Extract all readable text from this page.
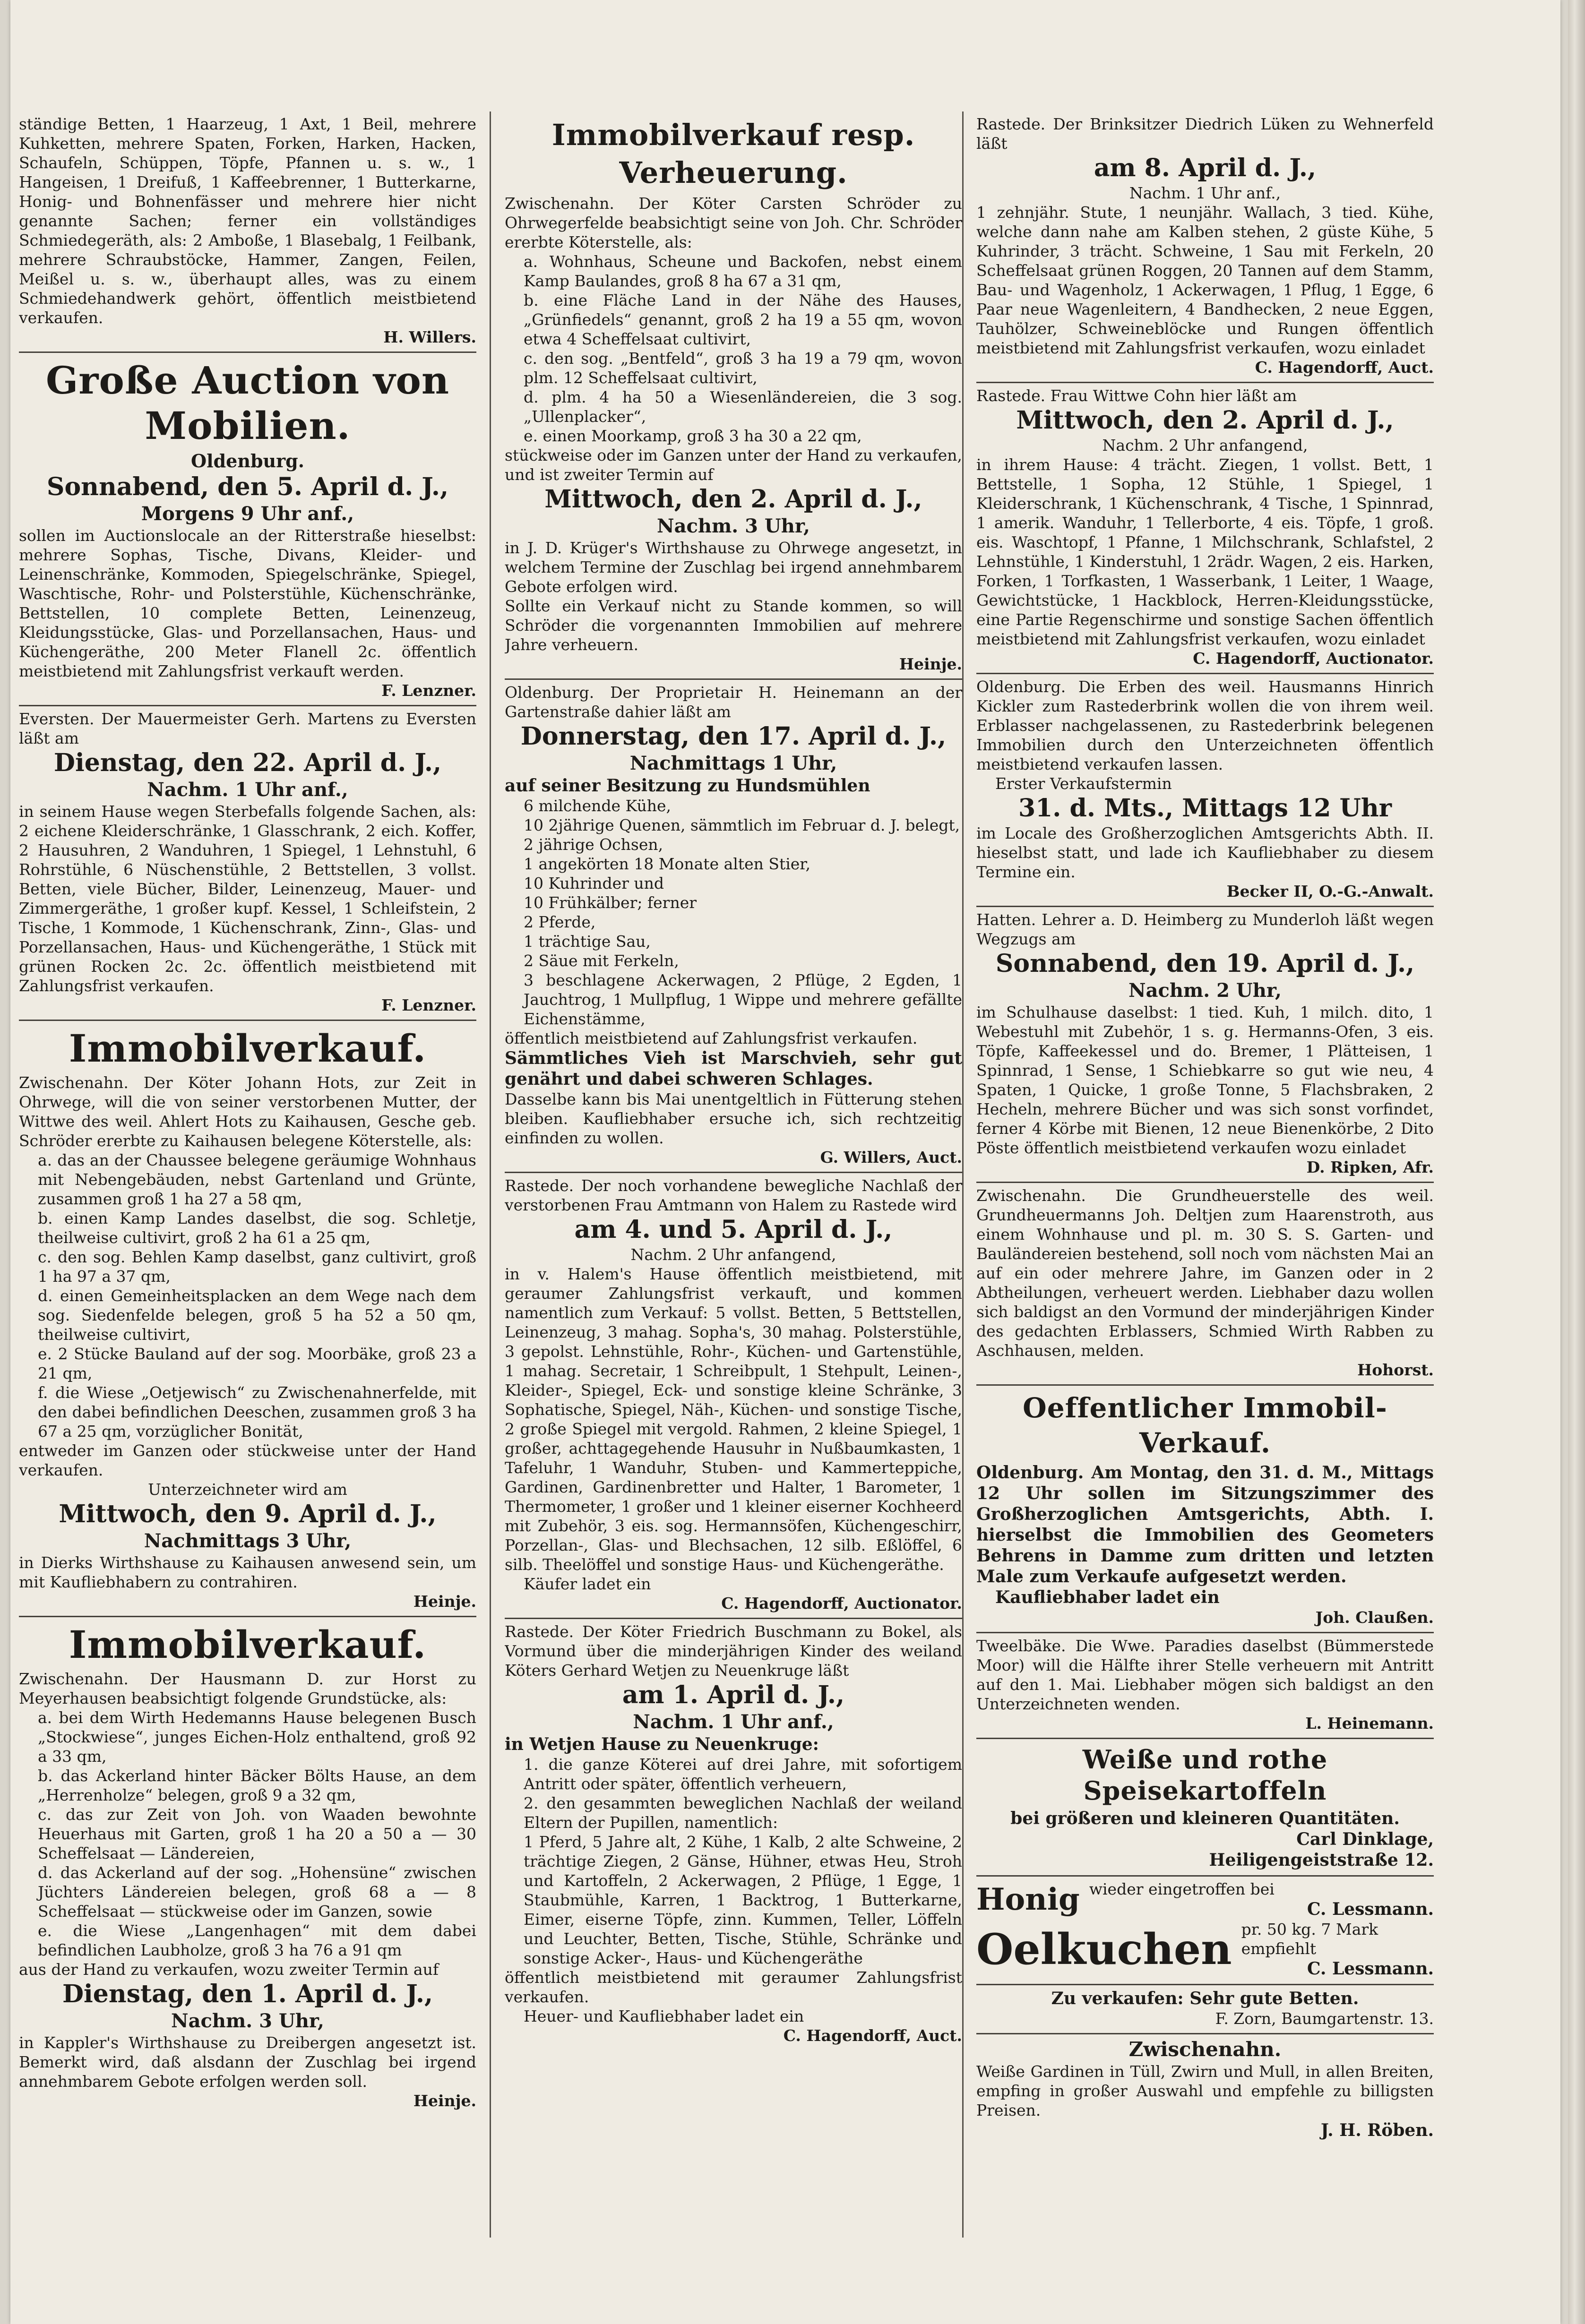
ständige Betten, 1 Haarzeug, 1 Axt, 1 Beil, mehrere Kuhketten, mehrere Spaten, Forken, Harken, Hacken, Schaufeln, Schüppen, Töpfe, Pfannen u. s. w., 1 Hangeisen, 1 Dreifuß, 1 Kaffeebrenner, 1 Butterkarne, Honig- und Bohnenfässer und mehrere hier nicht genannte Sachen; ferner ein vollständiges Schmiedegeräth, als: 2 Amboße, 1 Blasebalg, 1 Feilbank, mehrere Schraubstöcke, Hammer, Zangen, Feilen, Meißel u. s. w., überhaupt alles, was zu einem Schmiedehandwerk gehört, öffentlich meistbietend verkaufen.

H. Willers.

Große Auction von Mobilien.

Oldenburg.

Sonnabend, den 5. April d. J.,

Morgens 9 Uhr anf.,

sollen im Auctionslocale an der Ritterstraße hieselbst: mehrere Sophas, Tische, Divans, Kleider- und Leinenschränke, Kommoden, Spiegelschränke, Spiegel, Waschtische, Rohr- und Polsterstühle, Küchenschränke, Bettstellen, 10 complete Betten, Leinenzeug, Kleidungsstücke, Glas- und Porzellansachen, Haus- und Küchengeräthe, 200 Meter Flanell 2c. öffentlich meistbietend mit Zahlungsfrist verkauft werden.

F. Lenzner.

Eversten. Der Mauermeister Gerh. Martens zu Eversten läßt am

Dienstag, den 22. April d. J.,

Nachm. 1 Uhr anf.,

in seinem Hause wegen Sterbefalls folgende Sachen, als: 2 eichene Kleiderschränke, 1 Glasschrank, 2 eich. Koffer, 2 Hausuhren, 2 Wanduhren, 1 Spiegel, 1 Lehnstuhl, 6 Rohrstühle, 6 Nüschenstühle, 2 Bettstellen, 3 vollst. Betten, viele Bücher, Bilder, Leinenzeug, Mauer- und Zimmergeräthe, 1 großer kupf. Kessel, 1 Schleifstein, 2 Tische, 1 Kommode, 1 Küchenschrank, Zinn-, Glas- und Porzellansachen, Haus- und Küchengeräthe, 1 Stück mit grünen Rocken 2c. 2c. öffentlich meistbietend mit Zahlungsfrist verkaufen.

F. Lenzner.

Immobilverkauf.

Zwischenahn. Der Köter Johann Hots, zur Zeit in Ohrwege, will die von seiner verstorbenen Mutter, der Wittwe des weil. Ahlert Hots zu Kaihausen, Gesche geb. Schröder ererbte zu Kaihausen belegene Köterstelle, als:

a. das an der Chaussee belegene geräumige Wohnhaus mit Nebengebäuden, nebst Gartenland und Grünte, zusammen groß 1 ha 27 a 58 qm,

b. einen Kamp Landes daselbst, die sog. Schletje, theilweise cultivirt, groß 2 ha 61 a 25 qm,

c. den sog. Behlen Kamp daselbst, ganz cultivirt, groß 1 ha 97 a 37 qm,

d. einen Gemeinheitsplacken an dem Wege nach dem sog. Siedenfelde belegen, groß 5 ha 52 a 50 qm, theilweise cultivirt,

e. 2 Stücke Bauland auf der sog. Moorbäke, groß 23 a 21 qm,

f. die Wiese „Oetjewisch“ zu Zwischenahnerfelde, mit den dabei befindlichen Deeschen, zusammen groß 3 ha 67 a 25 qm, vorzüglicher Bonität,

entweder im Ganzen oder stückweise unter der Hand verkaufen.

Unterzeichneter wird am

Mittwoch, den 9. April d. J.,

Nachmittags 3 Uhr,

in Dierks Wirthshause zu Kaihausen anwesend sein, um mit Kaufliebhabern zu contrahiren.

Heinje.

Immobilverkauf.

Zwischenahn. Der Hausmann D. zur Horst zu Meyerhausen beabsichtigt folgende Grundstücke, als:

a. bei dem Wirth Hedemanns Hause belegenen Busch „Stockwiese“, junges Eichen-Holz enthaltend, groß 92 a 33 qm,

b. das Ackerland hinter Bäcker Bölts Hause, an dem „Herrenholze“ belegen, groß 9 a 32 qm,

c. das zur Zeit von Joh. von Waaden bewohnte Heuerhaus mit Garten, groß 1 ha 20 a 50 a — 30 Scheffelsaat — Ländereien,

d. das Ackerland auf der sog. „Hohensüne“ zwischen Jüchters Ländereien belegen, groß 68 a — 8 Scheffelsaat — stückweise oder im Ganzen, sowie

e. die Wiese „Langenhagen“ mit dem dabei befindlichen Laubholze, groß 3 ha 76 a 91 qm

aus der Hand zu verkaufen, wozu zweiter Termin auf

Dienstag, den 1. April d. J.,

Nachm. 3 Uhr,

in Kappler's Wirthshause zu Dreibergen angesetzt ist. Bemerkt wird, daß alsdann der Zuschlag bei irgend annehmbarem Gebote erfolgen werden soll.

Heinje.

Immobilverkauf resp. Verheuerung.

Zwischenahn. Der Köter Carsten Schröder zu Ohrwegerfelde beabsichtigt seine von Joh. Chr. Schröder ererbte Köterstelle, als:

a. Wohnhaus, Scheune und Backofen, nebst einem Kamp Baulandes, groß 8 ha 67 a 31 qm,

b. eine Fläche Land in der Nähe des Hauses, „Grünfiedels“ genannt, groß 2 ha 19 a 55 qm, wovon etwa 4 Scheffelsaat cultivirt,

c. den sog. „Bentfeld“, groß 3 ha 19 a 79 qm, wovon plm. 12 Scheffelsaat cultivirt,

d. plm. 4 ha 50 a Wiesenländereien, die 3 sog. „Ullenplacker“,

e. einen Moorkamp, groß 3 ha 30 a 22 qm,

stückweise oder im Ganzen unter der Hand zu verkaufen, und ist zweiter Termin auf

Mittwoch, den 2. April d. J.,

Nachm. 3 Uhr,

in J. D. Krüger's Wirthshause zu Ohrwege angesetzt, in welchem Termine der Zuschlag bei irgend annehmbarem Gebote erfolgen wird.

Sollte ein Verkauf nicht zu Stande kommen, so will Schröder die vorgenannten Immobilien auf mehrere Jahre verheuern.

Heinje.

Oldenburg. Der Proprietair H. Heinemann an der Gartenstraße dahier läßt am

Donnerstag, den 17. April d. J.,

Nachmittags 1 Uhr,

auf seiner Besitzung zu Hundsmühlen

6 milchende Kühe,

10 2jährige Quenen, sämmtlich im Februar d. J. belegt,

2 jährige Ochsen,

1 angekörten 18 Monate alten Stier,

10 Kuhrinder und

10 Frühkälber; ferner

2 Pferde,

1 trächtige Sau,

2 Säue mit Ferkeln,

3 beschlagene Ackerwagen, 2 Pflüge, 2 Egden, 1 Jauchtrog, 1 Mullpflug, 1 Wippe und mehrere gefällte Eichenstämme,

öffentlich meistbietend auf Zahlungsfrist verkaufen.

Sämmtliches Vieh ist Marschvieh, sehr gut genährt und dabei schweren Schlages.

Dasselbe kann bis Mai unentgeltlich in Fütterung stehen bleiben. Kaufliebhaber ersuche ich, sich rechtzeitig einfinden zu wollen.

G. Willers, Auct.

Rastede. Der noch vorhandene bewegliche Nachlaß der verstorbenen Frau Amtmann von Halem zu Rastede wird

am 4. und 5. April d. J.,

Nachm. 2 Uhr anfangend,

in v. Halem's Hause öffentlich meistbietend, mit geraumer Zahlungsfrist verkauft, und kommen namentlich zum Verkauf: 5 vollst. Betten, 5 Bettstellen, Leinenzeug, 3 mahag. Sopha's, 30 mahag. Polsterstühle, 3 gepolst. Lehnstühle, Rohr-, Küchen- und Gartenstühle, 1 mahag. Secretair, 1 Schreibpult, 1 Stehpult, Leinen-, Kleider-, Spiegel, Eck- und sonstige kleine Schränke, 3 Sophatische, Spiegel, Näh-, Küchen- und sonstige Tische, 2 große Spiegel mit vergold. Rahmen, 2 kleine Spiegel, 1 großer, achttagegehende Hausuhr in Nußbaumkasten, 1 Tafeluhr, 1 Wanduhr, Stuben- und Kammerteppiche, Gardinen, Gardinenbretter und Halter, 1 Barometer, 1 Thermometer, 1 großer und 1 kleiner eiserner Kochheerd mit Zubehör, 3 eis. sog. Hermannsöfen, Küchengeschirr, Porzellan-, Glas- und Blechsachen, 12 silb. Eßlöffel, 6 silb. Theelöffel und sonstige Haus- und Küchengeräthe.

Käufer ladet ein

C. Hagendorff, Auctionator.

Rastede. Der Köter Friedrich Buschmann zu Bokel, als Vormund über die minderjährigen Kinder des weiland Köters Gerhard Wetjen zu Neuenkruge läßt

am 1. April d. J.,

Nachm. 1 Uhr anf.,

in Wetjen Hause zu Neuenkruge:

1. die ganze Köterei auf drei Jahre, mit sofortigem Antritt oder später, öffentlich verheuern,

2. den gesammten beweglichen Nachlaß der weiland Eltern der Pupillen, namentlich:

1 Pferd, 5 Jahre alt, 2 Kühe, 1 Kalb, 2 alte Schweine, 2 trächtige Ziegen, 2 Gänse, Hühner, etwas Heu, Stroh und Kartoffeln, 2 Ackerwagen, 2 Pflüge, 1 Egge, 1 Staubmühle, Karren, 1 Backtrog, 1 Butterkarne, Eimer, eiserne Töpfe, zinn. Kummen, Teller, Löffeln und Leuchter, Betten, Tische, Stühle, Schränke und sonstige Acker-, Haus- und Küchengeräthe

öffentlich meistbietend mit geraumer Zahlungsfrist verkaufen.

Heuer- und Kaufliebhaber ladet ein

C. Hagendorff, Auct.

Rastede. Der Brinksitzer Diedrich Lüken zu Wehnerfeld läßt

am 8. April d. J.,

Nachm. 1 Uhr anf.,

1 zehnjähr. Stute, 1 neunjähr. Wallach, 3 tied. Kühe, welche dann nahe am Kalben stehen, 2 güste Kühe, 5 Kuhrinder, 3 trächt. Schweine, 1 Sau mit Ferkeln, 20 Scheffelsaat grünen Roggen, 20 Tannen auf dem Stamm, Bau- und Wagenholz, 1 Ackerwagen, 1 Pflug, 1 Egge, 6 Paar neue Wagenleitern, 4 Bandhecken, 2 neue Eggen, Tauhölzer, Schweineblöcke und Rungen öffentlich meistbietend mit Zahlungsfrist verkaufen, wozu einladet

C. Hagendorff, Auct.

Rastede. Frau Wittwe Cohn hier läßt am

Mittwoch, den 2. April d. J.,

Nachm. 2 Uhr anfangend,

in ihrem Hause: 4 trächt. Ziegen, 1 vollst. Bett, 1 Bettstelle, 1 Sopha, 12 Stühle, 1 Spiegel, 1 Kleiderschrank, 1 Küchenschrank, 4 Tische, 1 Spinnrad, 1 amerik. Wanduhr, 1 Tellerborte, 4 eis. Töpfe, 1 groß. eis. Waschtopf, 1 Pfanne, 1 Milchschrank, Schlafstel, 2 Lehnstühle, 1 Kinderstuhl, 1 2rädr. Wagen, 2 eis. Harken, Forken, 1 Torfkasten, 1 Wasserbank, 1 Leiter, 1 Waage, Gewichtstücke, 1 Hackblock, Herren-Kleidungsstücke, eine Partie Regenschirme und sonstige Sachen öffentlich meistbietend mit Zahlungsfrist verkaufen, wozu einladet

C. Hagendorff, Auctionator.

Oldenburg. Die Erben des weil. Hausmanns Hinrich Kickler zum Rastederbrink wollen die von ihrem weil. Erblasser nachgelassenen, zu Rastederbrink belegenen Immobilien durch den Unterzeichneten öffentlich meistbietend verkaufen lassen.

Erster Verkaufstermin

31. d. Mts., Mittags 12 Uhr

im Locale des Großherzoglichen Amtsgerichts Abth. II. hieselbst statt, und lade ich Kaufliebhaber zu diesem Termine ein.

Becker II, O.-G.-Anwalt.

Hatten. Lehrer a. D. Heimberg zu Munderloh läßt wegen Wegzugs am

Sonnabend, den 19. April d. J.,

Nachm. 2 Uhr,

im Schulhause daselbst: 1 tied. Kuh, 1 milch. dito, 1 Webestuhl mit Zubehör, 1 s. g. Hermanns-Ofen, 3 eis. Töpfe, Kaffeekessel und do. Bremer, 1 Plätteisen, 1 Spinnrad, 1 Sense, 1 Schiebkarre so gut wie neu, 4 Spaten, 1 Quicke, 1 große Tonne, 5 Flachsbraken, 2 Hecheln, mehrere Bücher und was sich sonst vorfindet, ferner 4 Körbe mit Bienen, 12 neue Bienenkörbe, 2 Dito Pöste öffentlich meistbietend verkaufen wozu einladet

D. Ripken, Afr.

Zwischenahn. Die Grundheuerstelle des weil. Grundheuermanns Joh. Deltjen zum Haarenstroth, aus einem Wohnhause und pl. m. 30 S. S. Garten- und Bauländereien bestehend, soll noch vom nächsten Mai an auf ein oder mehrere Jahre, im Ganzen oder in 2 Abtheilungen, verheuert werden. Liebhaber dazu wollen sich baldigst an den Vormund der minderjährigen Kinder des gedachten Erblassers, Schmied Wirth Rabben zu Aschhausen, melden.

Hohorst.

Oeffentlicher Immobil-Verkauf.

Oldenburg. Am Montag, den 31. d. M., Mittags 12 Uhr sollen im Sitzungszimmer des Großherzoglichen Amtsgerichts, Abth. I. hierselbst die Immobilien des Geometers Behrens in Damme zum dritten und letzten Male zum Verkaufe aufgesetzt werden.

Kaufliebhaber ladet ein

Joh. Claußen.

Tweelbäke. Die Wwe. Paradies daselbst (Bümmerstede Moor) will die Hälfte ihrer Stelle verheuern mit Antritt auf den 1. Mai. Liebhaber mögen sich baldigst an den Unterzeichneten wenden.

L. Heinemann.

Weiße und rothe Speisekartoffeln

bei größeren und kleineren Quantitäten.

Carl Dinklage,

Heiligengeiststraße 12.

Honig wieder eingetroffen bei

C. Lessmann.

Oelkuchen pr. 50 kg. 7 Mark

empfiehlt

C. Lessmann.

Zu verkaufen: Sehr gute Betten.

F. Zorn, Baumgartenstr. 13.

Zwischenahn.

Weiße Gardinen in Tüll, Zwirn und Mull, in allen Breiten, empfing in großer Auswahl und empfehle zu billigsten Preisen.

J. H. Röben.
